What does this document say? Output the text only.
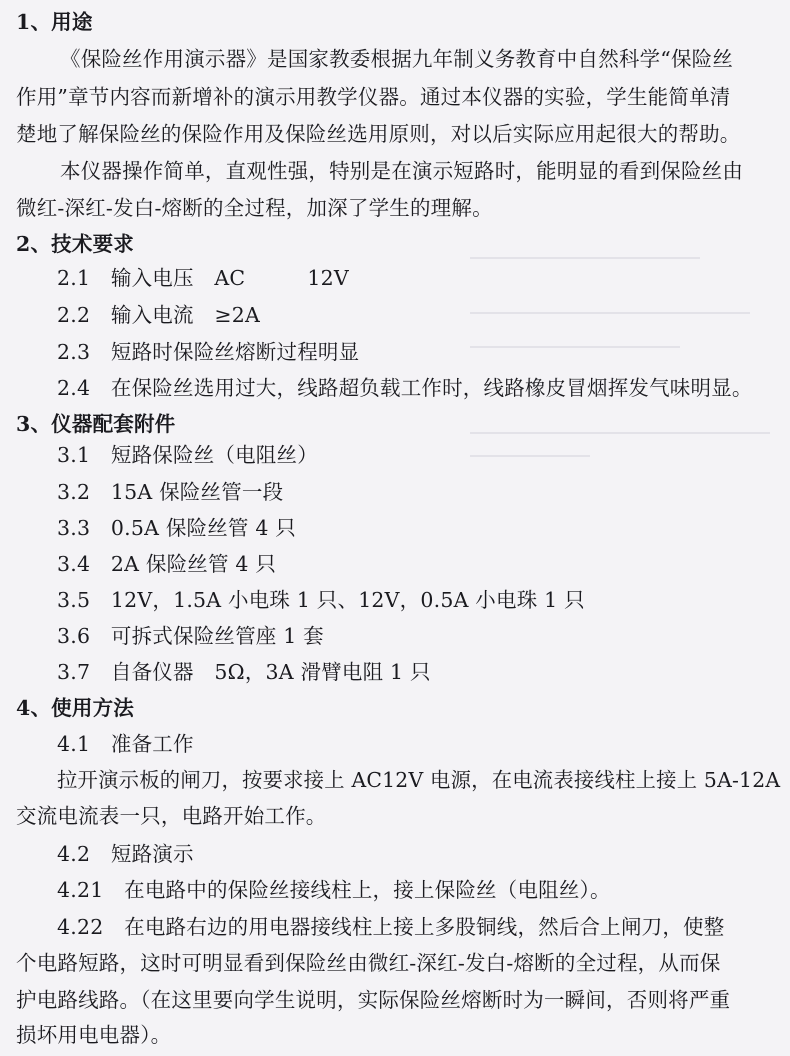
1、用途
《保险丝作用演示器》是国家教委根据九年制义务教育中自然科学“保险丝
作用”章节内容而新增补的演示用教学仪器。通过本仪器的实验，学生能简单清
楚地了解保险丝的保险作用及保险丝选用原则，对以后实际应用起很大的帮助。
本仪器操作简单，直观性强，特别是在演示短路时，能明显的看到保险丝由
微红-深红-发白-熔断的全过程，加深了学生的理解。
2、技术要求
2.1　输入电压　AC　　　12V
2.2　输入电流　≥2A
2.3　短路时保险丝熔断过程明显
2.4　在保险丝选用过大，线路超负载工作时，线路橡皮冒烟挥发气味明显。
3、仪器配套附件
3.1　短路保险丝（电阻丝）
3.2　15A 保险丝管一段
3.3　0.5A 保险丝管 4 只
3.4　2A 保险丝管 4 只
3.5　12V，1.5A 小电珠 1 只、12V，0.5A 小电珠 1 只
3.6　可拆式保险丝管座 1 套
3.7　自备仪器　5Ω，3A 滑臂电阻 1 只
4、使用方法
4.1　准备工作
拉开演示板的闸刀，按要求接上 AC12V 电源，在电流表接线柱上接上 5A-12A
交流电流表一只，电路开始工作。
4.2　短路演示
4.21　在电路中的保险丝接线柱上，接上保险丝（电阻丝）。
4.22　在电路右边的用电器接线柱上接上多股铜线，然后合上闸刀，使整
个电路短路，这时可明显看到保险丝由微红-深红-发白-熔断的全过程，从而保
护电路线路。（在这里要向学生说明，实际保险丝熔断时为一瞬间，否则将严重
损坏用电电器）。
